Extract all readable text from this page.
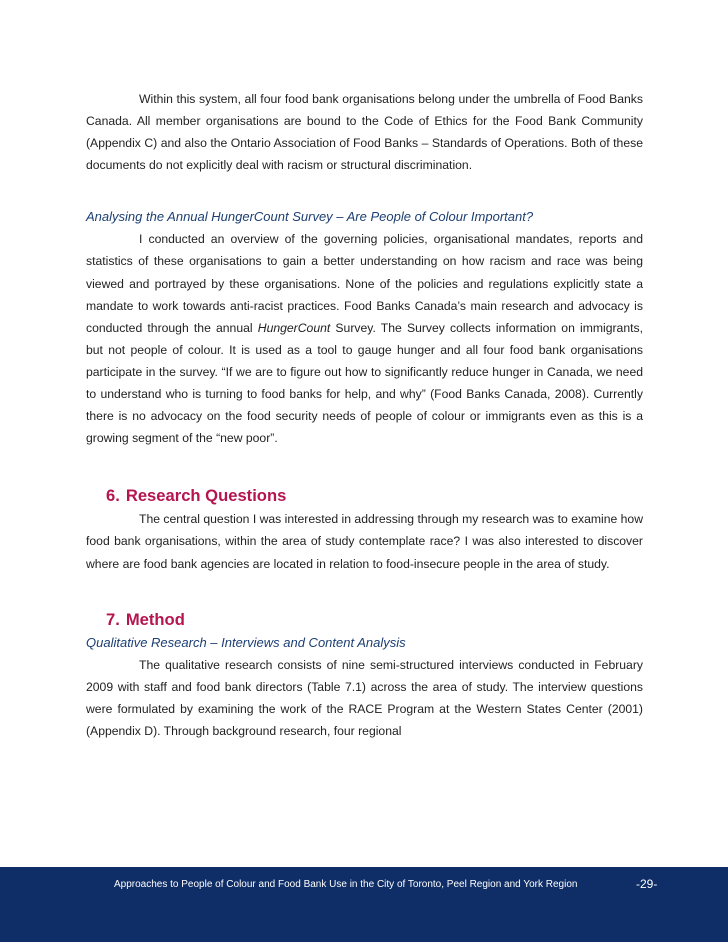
Within this system, all four food bank organisations belong under the umbrella of Food Banks Canada. All member organisations are bound to the Code of Ethics for the Food Bank Community (Appendix C) and also the Ontario Association of Food Banks – Standards of Operations. Both of these documents do not explicitly deal with racism or structural discrimination.

Analysing the Annual HungerCount Survey – Are People of Colour Important?

I conducted an overview of the governing policies, organisational mandates, reports and statistics of these organisations to gain a better understanding on how racism and race was being viewed and portrayed by these organisations. None of the policies and regulations explicitly state a mandate to work towards anti-racist practices. Food Banks Canada’s main research and advocacy is conducted through the annual HungerCount Survey. The Survey collects information on immigrants, but not people of colour. It is used as a tool to gauge hunger and all four food bank organisations participate in the survey. “If we are to figure out how to significantly reduce hunger in Canada, we need to understand who is turning to food banks for help, and why” (Food Banks Canada, 2008). Currently there is no advocacy on the food security needs of people of colour or immigrants even as this is a growing segment of the “new poor”.

6. Research Questions

The central question I was interested in addressing through my research was to examine how food bank organisations, within the area of study contemplate race? I was also interested to discover where are food bank agencies are located in relation to food-insecure people in the area of study.

7. Method

Qualitative Research – Interviews and Content Analysis

The qualitative research consists of nine semi-structured interviews conducted in February 2009 with staff and food bank directors (Table 7.1) across the area of study. The interview questions were formulated by examining the work of the RACE Program at the Western States Center (2001) (Appendix D). Through background research, four regional

Approaches to People of Colour and Food Bank Use in the City of Toronto, Peel Region and York Region	-29-
